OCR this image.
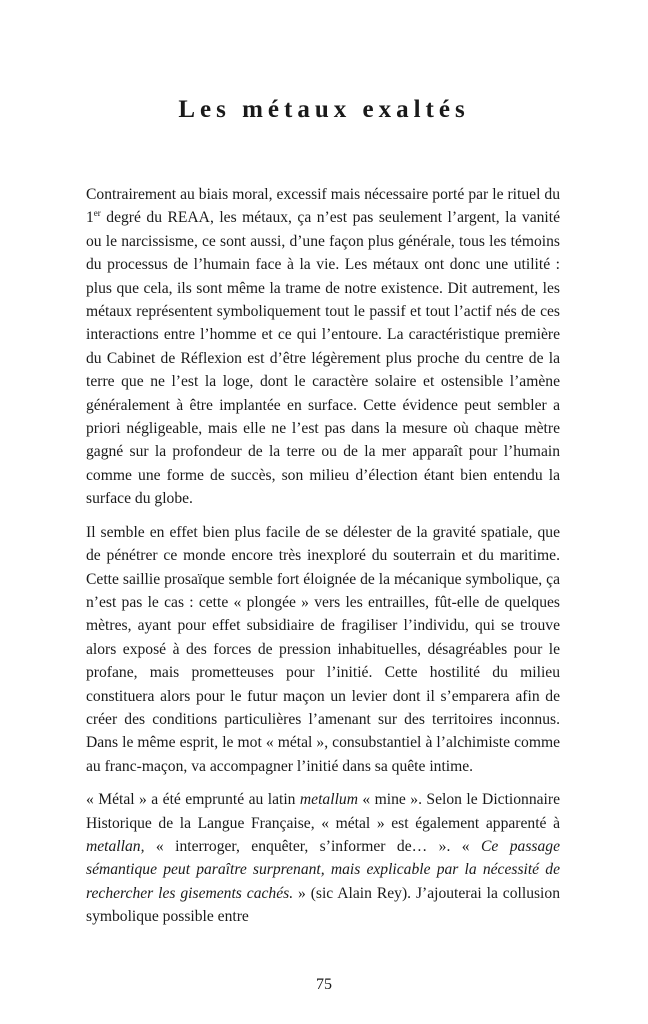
Les métaux exaltés

Contrairement au biais moral, excessif mais nécessaire porté par le rituel du 1er degré du REAA, les métaux, ça n’est pas seulement l’argent, la vanité ou le narcissisme, ce sont aussi, d’une façon plus générale, tous les témoins du processus de l’humain face à la vie. Les métaux ont donc une utilité : plus que cela, ils sont même la trame de notre existence. Dit autrement, les métaux représentent symboliquement tout le passif et tout l’actif nés de ces interactions entre l’homme et ce qui l’entoure. La caractéristique première du Cabinet de Réflexion est d’être légèrement plus proche du centre de la terre que ne l’est la loge, dont le caractère solaire et ostensible l’amène généralement à être implantée en surface. Cette évidence peut sembler a priori négligeable, mais elle ne l’est pas dans la mesure où chaque mètre gagné sur la profondeur de la terre ou de la mer apparaît pour l’humain comme une forme de succès, son milieu d’élection étant bien entendu la surface du globe.

Il semble en effet bien plus facile de se délester de la gravité spatiale, que de pénétrer ce monde encore très inexploré du souterrain et du maritime. Cette saillie prosaïque semble fort éloignée de la mécanique symbolique, ça n’est pas le cas : cette « plongée » vers les entrailles, fût-elle de quelques mètres, ayant pour effet subsidiaire de fragiliser l’individu, qui se trouve alors exposé à des forces de pression inhabituelles, désagréables pour le profane, mais prometteuses pour l’initié. Cette hostilité du milieu constituera alors pour le futur maçon un levier dont il s’emparera afin de créer des conditions particulières l’amenant sur des territoires inconnus. Dans le même esprit, le mot « métal », consubstantiel à l’alchimiste comme au franc-maçon, va accompagner l’initié dans sa quête intime.

« Métal » a été emprunté au latin metallum « mine ». Selon le Dictionnaire Historique de la Langue Française, « métal » est également apparenté à metallan, « interroger, enquêter, s’informer de… ». « Ce passage sémantique peut paraître surprenant, mais explicable par la nécessité de rechercher les gisements cachés. » (sic Alain Rey). J’ajouterai la collusion symbolique possible entre

75
